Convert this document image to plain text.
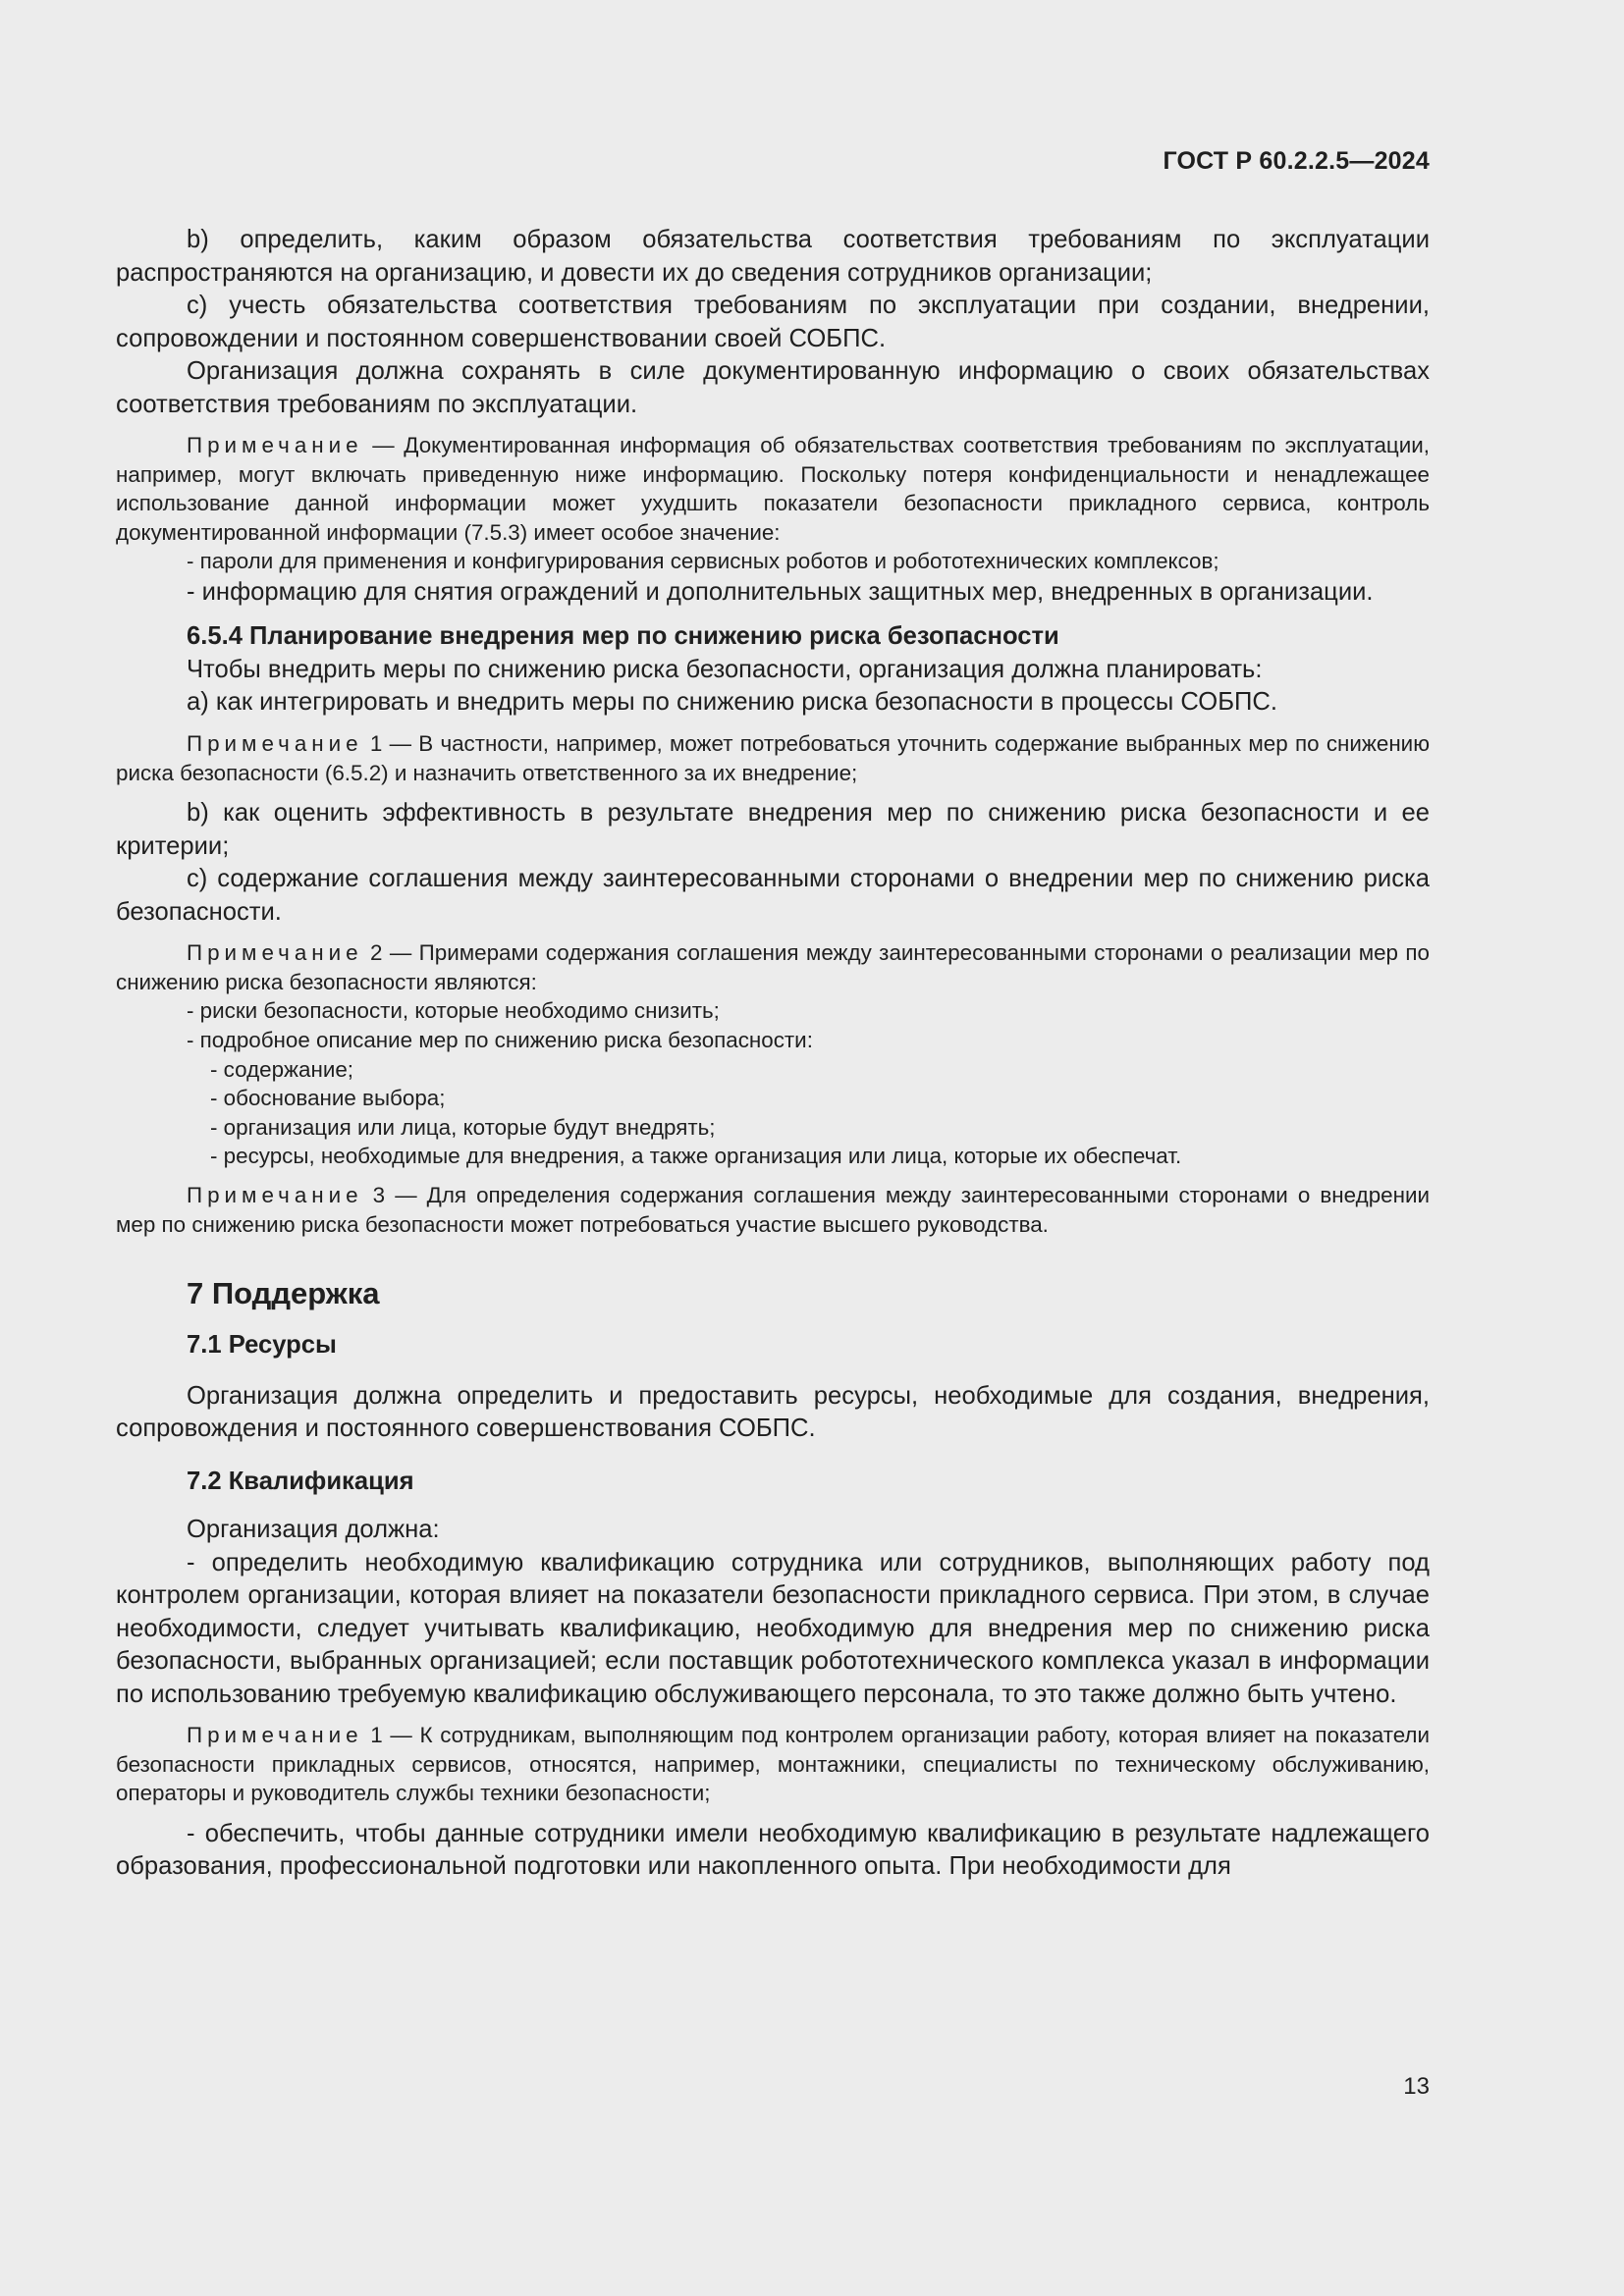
ГОСТ Р 60.2.2.5—2024

b) определить, каким образом обязательства соответствия требованиям по эксплуатации распространяются на организацию, и довести их до сведения сотрудников организации;

c) учесть обязательства соответствия требованиям по эксплуатации при создании, внедрении, сопровождении и постоянном совершенствовании своей СОБПС.

Организация должна сохранять в силе документированную информацию о своих обязательствах соответствия требованиям по эксплуатации.

Примечание — Документированная информация об обязательствах соответствия требованиям по эксплуатации, например, могут включать приведенную ниже информацию. Поскольку потеря конфиденциальности и ненадлежащее использование данной информации может ухудшить показатели безопасности прикладного сервиса, контроль документированной информации (7.5.3) имеет особое значение:

- пароли для применения и конфигурирования сервисных роботов и робототехнических комплексов;

- информацию для снятия ограждений и дополнительных защитных мер, внедренных в организации.

6.5.4 Планирование внедрения мер по снижению риска безопасности

Чтобы внедрить меры по снижению риска безопасности, организация должна планировать:

a) как интегрировать и внедрить меры по снижению риска безопасности в процессы СОБПС.

Примечание 1 — В частности, например, может потребоваться уточнить содержание выбранных мер по снижению риска безопасности (6.5.2) и назначить ответственного за их внедрение;

b) как оценить эффективность в результате внедрения мер по снижению риска безопасности и ее критерии;

c) содержание соглашения между заинтересованными сторонами о внедрении мер по снижению риска безопасности.

Примечание 2 — Примерами содержания соглашения между заинтересованными сторонами о реализации мер по снижению риска безопасности являются:

- риски безопасности, которые необходимо снизить;

- подробное описание мер по снижению риска безопасности:

- содержание;

- обоснование выбора;

- организация или лица, которые будут внедрять;

- ресурсы, необходимые для внедрения, а также организация или лица, которые их обеспечат.

Примечание 3 — Для определения содержания соглашения между заинтересованными сторонами о внедрении мер по снижению риска безопасности может потребоваться участие высшего руководства.

7 Поддержка

7.1 Ресурсы

Организация должна определить и предоставить ресурсы, необходимые для создания, внедрения, сопровождения и постоянного совершенствования СОБПС.

7.2 Квалификация

Организация должна:

- определить необходимую квалификацию сотрудника или сотрудников, выполняющих работу под контролем организации, которая влияет на показатели безопасности прикладного сервиса. При этом, в случае необходимости, следует учитывать квалификацию, необходимую для внедрения мер по снижению риска безопасности, выбранных организацией; если поставщик робототехнического комплекса указал в информации по использованию требуемую квалификацию обслуживающего персонала, то это также должно быть учтено.

Примечание 1 — К сотрудникам, выполняющим под контролем организации работу, которая влияет на показатели безопасности прикладных сервисов, относятся, например, монтажники, специалисты по техническому обслуживанию, операторы и руководитель службы техники безопасности;

- обеспечить, чтобы данные сотрудники имели необходимую квалификацию в результате надлежащего образования, профессиональной подготовки или накопленного опыта. При необходимости для

13
